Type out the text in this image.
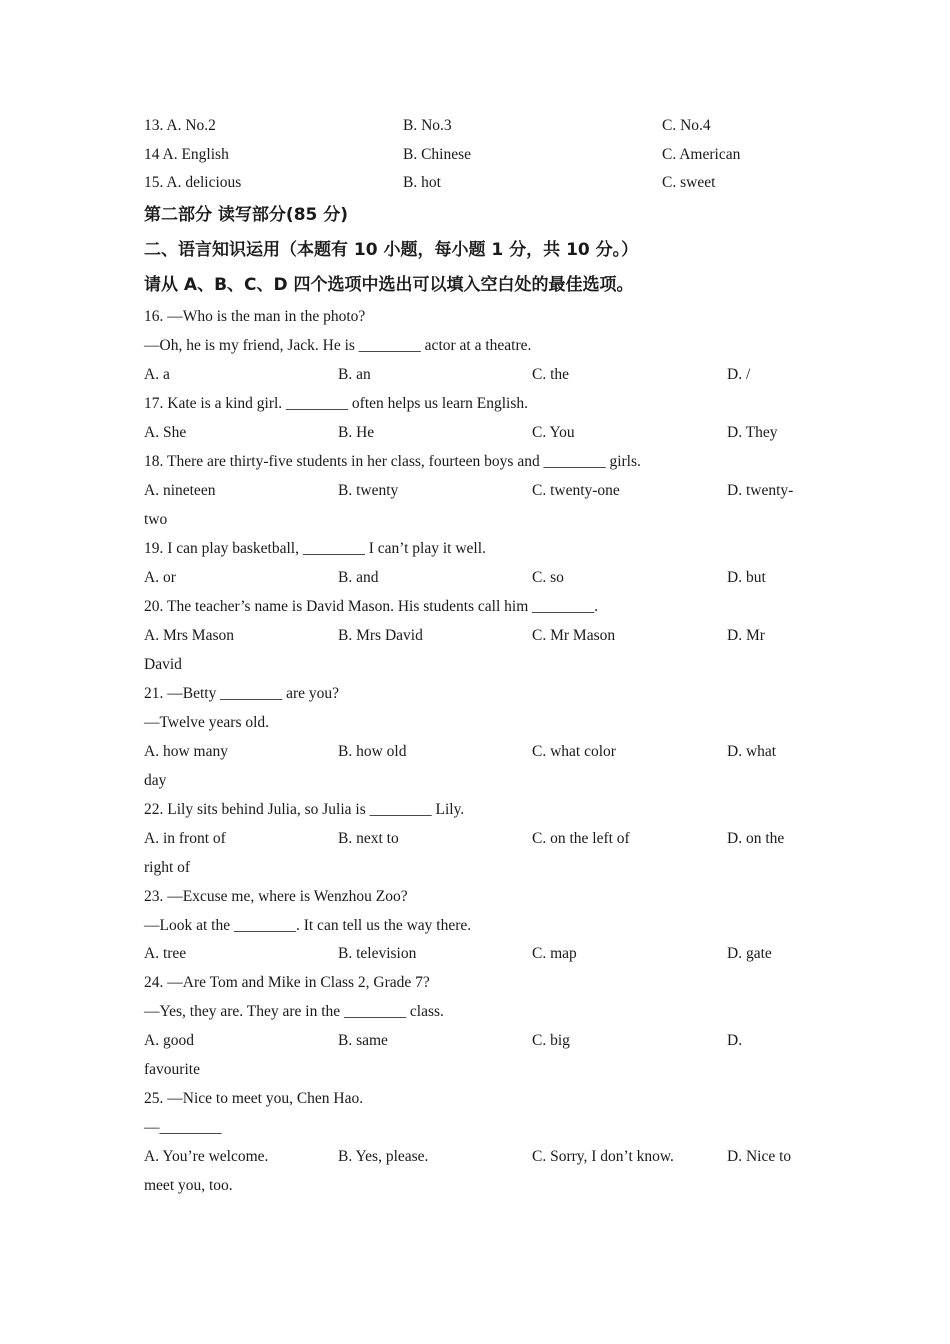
13. A. No.2	B. No.3	C. No.4
14 A. English	B. Chinese	C. American
15. A. delicious	B. hot	C. sweet
第二部分 读写部分(85 分)
二、语言知识运用（本题有 10 小题，每小题 1 分，共 10 分。）
请从 A、B、C、D 四个选项中选出可以填入空白处的最佳选项。
16. —Who is the man in the photo?
—Oh, he is my friend, Jack. He is ________ actor at a theatre.
A. a	B. an	C. the	D. /
17. Kate is a kind girl. ________ often helps us learn English.
A. She	B. He	C. You	D. They
18. There are thirty-five students in her class, fourteen boys and ________ girls.
A. nineteen	B. twenty	C. twenty-one	D. twenty-
two
19. I can play basketball, ________ I can’t play it well.
A. or	B. and	C. so	D. but
20. The teacher’s name is David Mason. His students call him ________.
A. Mrs Mason	B. Mrs David	C. Mr Mason	D. Mr
David
21. —Betty ________ are you?
—Twelve years old.
A. how many	B. how old	C. what color	D. what
day
22. Lily sits behind Julia, so Julia is ________ Lily.
A. in front of	B. next to	C. on the left of	D. on the
right of
23. —Excuse me, where is Wenzhou Zoo?
—Look at the ________. It can tell us the way there.
A. tree	B. television	C. map	D. gate
24. —Are Tom and Mike in Class 2, Grade 7?
—Yes, they are. They are in the ________ class.
A. good	B. same	C. big	D.
favourite
25. —Nice to meet you, Chen Hao.
—________
A. You’re welcome.	B. Yes, please.	C. Sorry, I don’t know.	D. Nice to
meet you, too.
